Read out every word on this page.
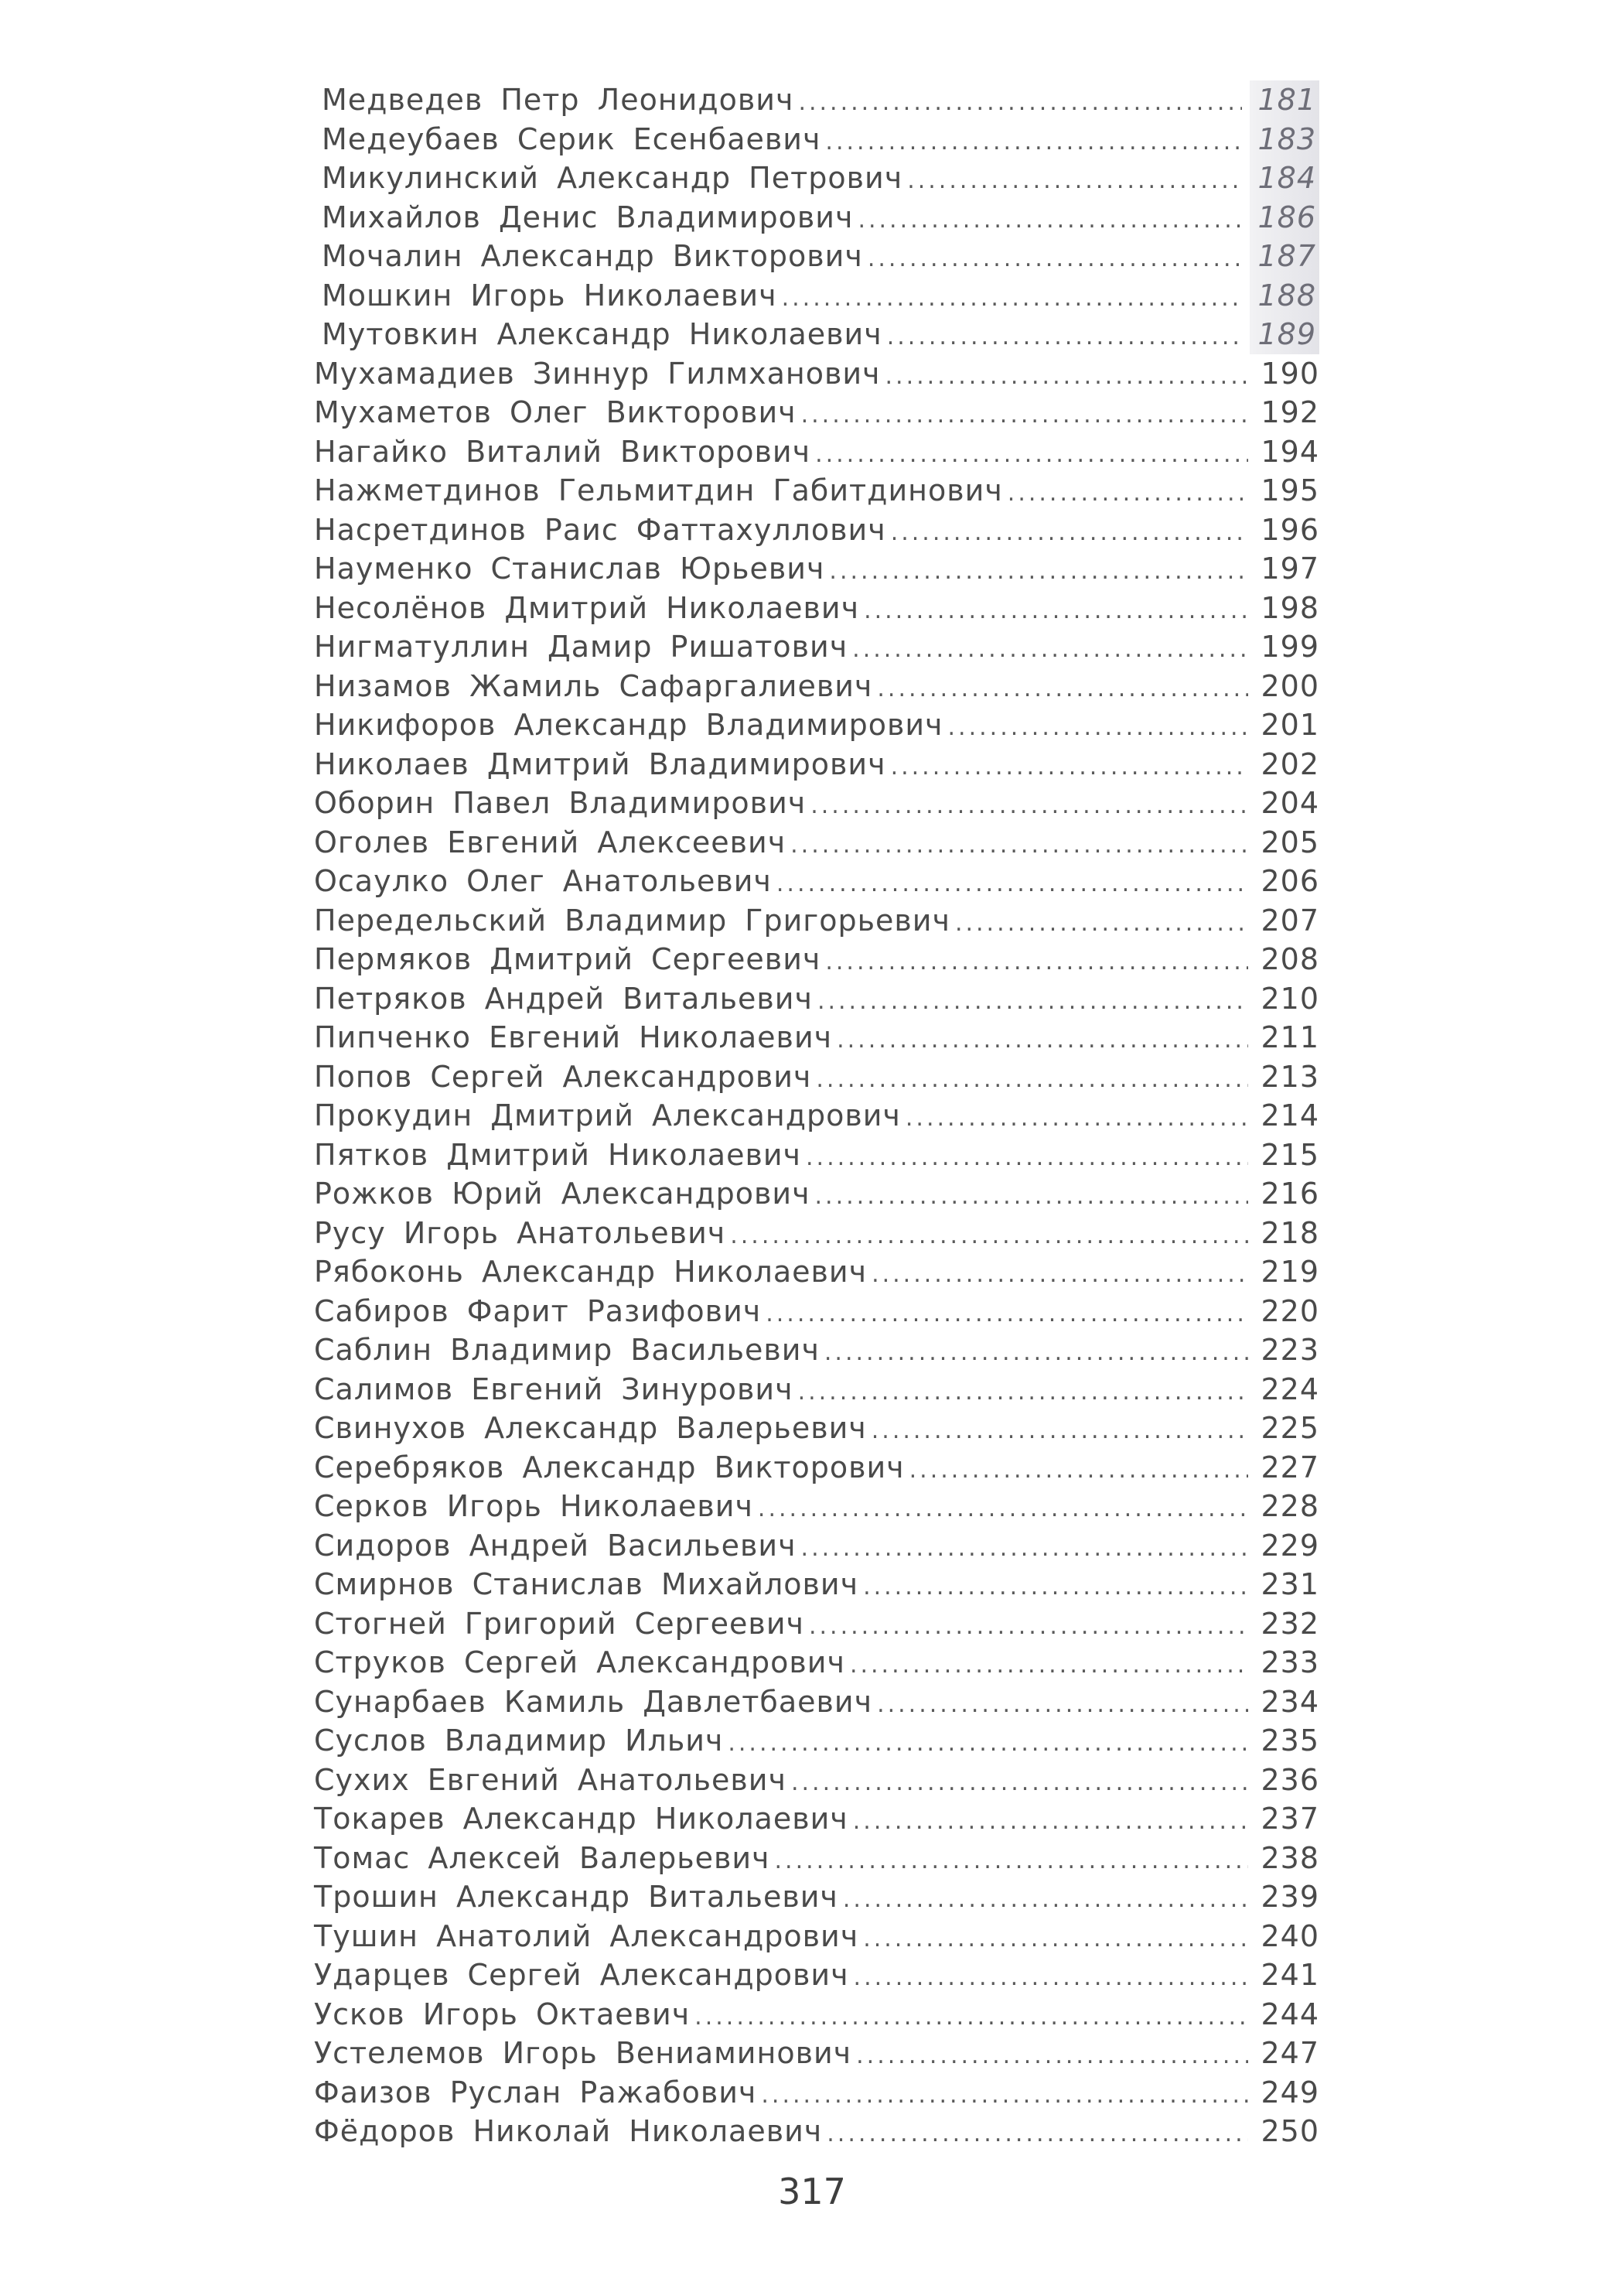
Медведев Петр Леонидович .....	181
Медеубаев Серик Есенбаевич .....	183
Микулинский Александр Петрович .....	184
Михайлов Денис Владимирович .....	186
Мочалин Александр Викторович .....	187
Мошкин Игорь Николаевич .....	188
Мутовкин Александр Николаевич .....	189
Мухамадиев Зиннур Гилмханович .....	190
Мухаметов Олег Викторович .....	192
Нагайко Виталий Викторович .....	194
Нажметдинов Гельмитдин Габитдинович .....	195
Насретдинов Раис Фаттахуллович .....	196
Науменко Станислав Юрьевич .....	197
Несолёнов Дмитрий Николаевич .....	198
Нигматуллин Дамир Ришатович .....	199
Низамов Жамиль Сафаргалиевич .....	200
Никифоров Александр Владимирович .....	201
Николаев Дмитрий Владимирович .....	202
Оборин Павел Владимирович .....	204
Оголев Евгений Алексеевич .....	205
Осаулко Олег Анатольевич .....	206
Передельский Владимир Григорьевич .....	207
Пермяков Дмитрий Сергеевич .....	208
Петряков Андрей Витальевич .....	210
Пипченко Евгений Николаевич .....	211
Попов Сергей Александрович .....	213
Прокудин Дмитрий Александрович .....	214
Пятков Дмитрий Николаевич .....	215
Рожков Юрий Александрович .....	216
Русу Игорь Анатольевич .....	218
Рябоконь Александр Николаевич .....	219
Сабиров Фарит Разифович .....	220
Саблин Владимир Васильевич .....	223
Салимов Евгений Зинурович .....	224
Свинухов Александр Валерьевич .....	225
Серебряков Александр Викторович .....	227
Серков Игорь Николаевич .....	228
Сидоров Андрей Васильевич .....	229
Смирнов Станислав Михайлович .....	231
Стогней Григорий Сергеевич .....	232
Струков Сергей Александрович .....	233
Сунарбаев Камиль Давлетбаевич .....	234
Суслов Владимир Ильич .....	235
Сухих Евгений Анатольевич .....	236
Токарев Александр Николаевич .....	237
Томас Алексей Валерьевич .....	238
Трошин Александр Витальевич .....	239
Тушин Анатолий Александрович .....	240
Ударцев Сергей Александрович .....	241
Усков Игорь Октаевич .....	244
Устелемов Игорь Вениаминович .....	247
Фаизов Руслан Ражабович .....	249
Фёдоров Николай Николаевич .....	250
317
